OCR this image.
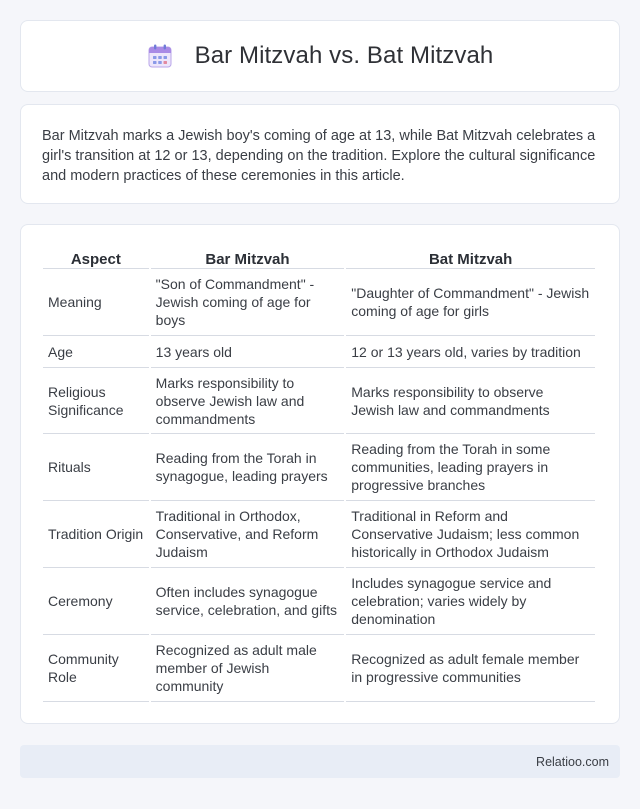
Bar Mitzvah vs. Bat Mitzvah

Bar Mitzvah marks a Jewish boy's coming of age at 13, while Bat Mitzvah celebrates a girl's transition at 12 or 13, depending on the tradition. Explore the cultural significance and modern practices of these ceremonies in this article.

Aspect	Bar Mitzvah	Bat Mitzvah
Meaning	"Son of Commandment" - Jewish coming of age for boys	"Daughter of Commandment" - Jewish coming of age for girls
Age	13 years old	12 or 13 years old, varies by tradition
Religious Significance	Marks responsibility to observe Jewish law and commandments	Marks responsibility to observe Jewish law and commandments
Rituals	Reading from the Torah in synagogue, leading prayers	Reading from the Torah in some communities, leading prayers in progressive branches
Tradition Origin	Traditional in Orthodox, Conservative, and Reform Judaism	Traditional in Reform and Conservative Judaism; less common historically in Orthodox Judaism
Ceremony	Often includes synagogue service, celebration, and gifts	Includes synagogue service and celebration; varies widely by denomination
Community Role	Recognized as adult male member of Jewish community	Recognized as adult female member in progressive communities
Relatioo.com
